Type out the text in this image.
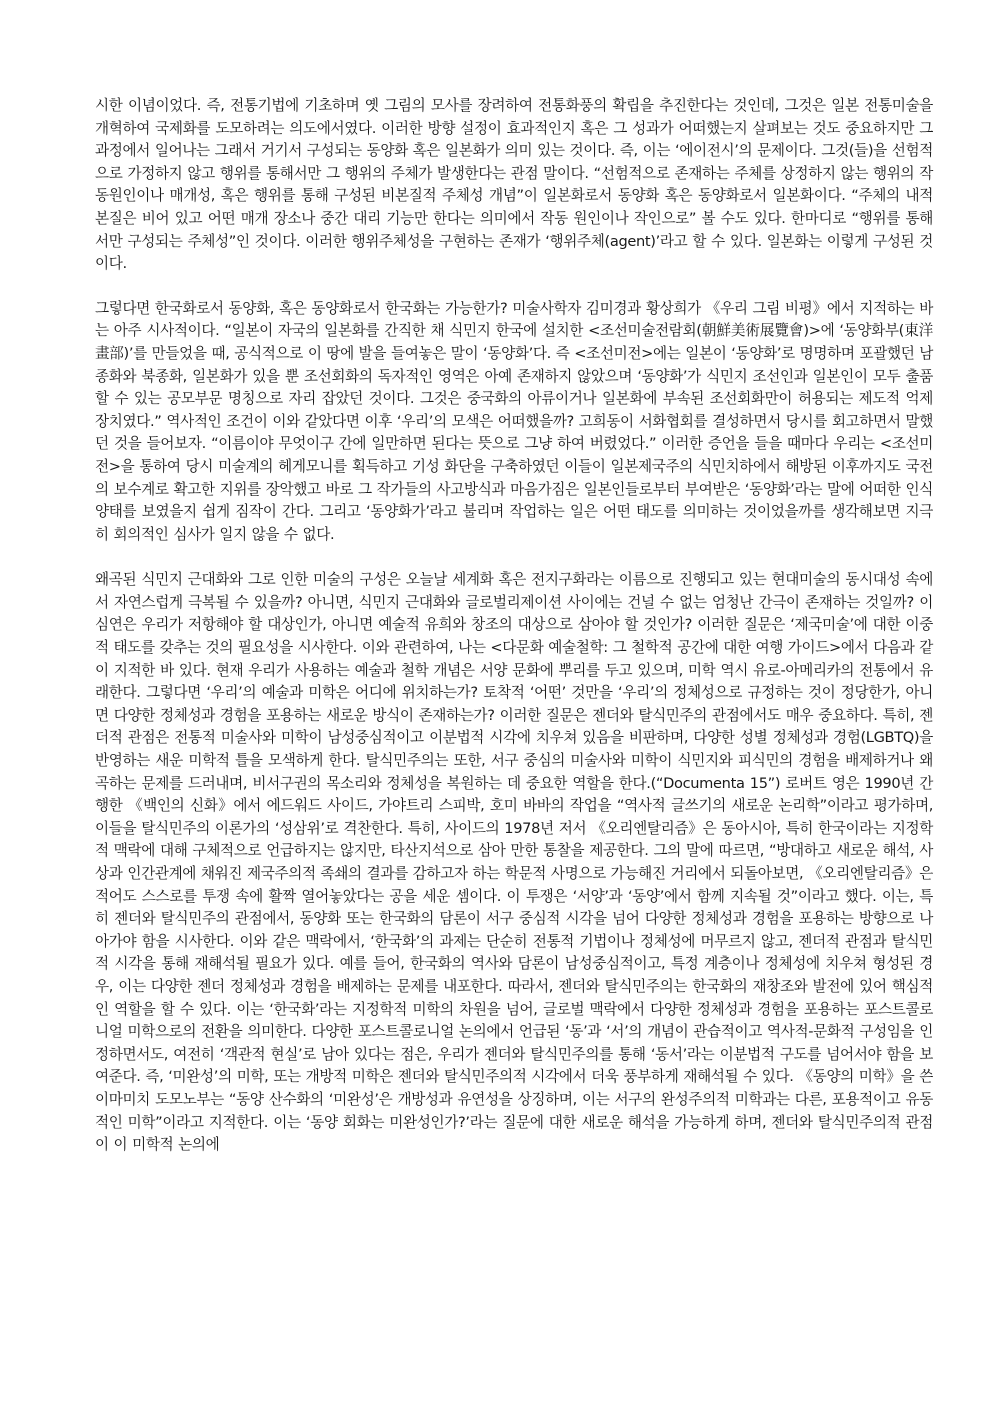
시한 이념이었다. 즉, 전통기법에 기초하며 옛 그림의 모사를 장려하여 전통화풍의 확립을 추진한다는 것인데, 그것은 일본 전통미술을 개혁하여 국제화를 도모하려는 의도에서였다. 이러한 방향 설정이 효과적인지 혹은 그 성과가 어떠했는지 살펴보는 것도 중요하지만 그 과정에서 일어나는 그래서 거기서 구성되는 동양화 혹은 일본화가 의미 있는 것이다. 즉, 이는 ‘에이전시’의 문제이다. 그것(들)을 선험적으로 가정하지 않고 행위를 통해서만 그 행위의 주체가 발생한다는 관점 말이다. “선험적으로 존재하는 주체를 상정하지 않는 행위의 작동원인이나 매개성, 혹은 행위를 통해 구성된 비본질적 주체성 개념”이 일본화로서 동양화 혹은 동양화로서 일본화이다. “주체의 내적 본질은 비어 있고 어떤 매개 장소나 중간 대리 기능만 한다는 의미에서 작동 원인이나 작인으로” 볼 수도 있다. 한마디로 “행위를 통해서만 구성되는 주체성”인 것이다. 이러한 행위주체성을 구현하는 존재가 ‘행위주체(agent)’라고 할 수 있다. 일본화는 이렇게 구성된 것이다.

그렇다면 한국화로서 동양화, 혹은 동양화로서 한국화는 가능한가? 미술사학자 김미경과 황상희가 《우리 그림 비평》에서 지적하는 바는 아주 시사적이다. “일본이 자국의 일본화를 간직한 채 식민지 한국에 설치한 <조선미술전람회(朝鮮美術展覽會)>에 ‘동양화부(東洋畫部)’를 만들었을 때, 공식적으로 이 땅에 발을 들여놓은 말이 ‘동양화’다. 즉 <조선미전>에는 일본이 ‘동양화’로 명명하며 포괄했던 남종화와 북종화, 일본화가 있을 뿐 조선회화의 독자적인 영역은 아예 존재하지 않았으며 ‘동양화’가 식민지 조선인과 일본인이 모두 출품할 수 있는 공모부문 명칭으로 자리 잡았던 것이다. 그것은 중국화의 아류이거나 일본화에 부속된 조선회화만이 허용되는 제도적 억제 장치였다.” 역사적인 조건이 이와 같았다면 이후 ‘우리’의 모색은 어떠했을까? 고희동이 서화협회를 결성하면서 당시를 회고하면서 말했던 것을 들어보자. “이름이야 무엇이구 간에 일만하면 된다는 뜻으로 그냥 하여 버렸었다.” 이러한 증언을 들을 때마다 우리는 <조선미전>을 통하여 당시 미술계의 헤게모니를 획득하고 기성 화단을 구축하였던 이들이 일본제국주의 식민치하에서 해방된 이후까지도 국전의 보수계로 확고한 지위를 장악했고 바로 그 작가들의 사고방식과 마음가짐은 일본인들로부터 부여받은 ‘동양화’라는 말에 어떠한 인식 양태를 보였을지 쉽게 짐작이 간다. 그리고 ‘동양화가’라고 불리며 작업하는 일은 어떤 태도를 의미하는 것이었을까를 생각해보면 지극히 회의적인 심사가 일지 않을 수 없다.

왜곡된 식민지 근대화와 그로 인한 미술의 구성은 오늘날 세계화 혹은 전지구화라는 이름으로 진행되고 있는 현대미술의 동시대성 속에서 자연스럽게 극복될 수 있을까? 아니면, 식민지 근대화와 글로벌리제이션 사이에는 건널 수 없는 엄청난 간극이 존재하는 것일까? 이 심연은 우리가 저항해야 할 대상인가, 아니면 예술적 유희와 창조의 대상으로 삼아야 할 것인가? 이러한 질문은 ‘제국미술’에 대한 이중적 태도를 갖추는 것의 필요성을 시사한다. 이와 관련하여, 나는 <다문화 예술철학: 그 철학적 공간에 대한 여행 가이드>에서 다음과 같이 지적한 바 있다. 현재 우리가 사용하는 예술과 철학 개념은 서양 문화에 뿌리를 두고 있으며, 미학 역시 유로-아메리카의 전통에서 유래한다. 그렇다면 ‘우리’의 예술과 미학은 어디에 위치하는가? 토착적 ‘어떤’ 것만을 ‘우리’의 정체성으로 규정하는 것이 정당한가, 아니면 다양한 정체성과 경험을 포용하는 새로운 방식이 존재하는가? 이러한 질문은 젠더와 탈식민주의 관점에서도 매우 중요하다. 특히, 젠더적 관점은 전통적 미술사와 미학이 남성중심적이고 이분법적 시각에 치우쳐 있음을 비판하며, 다양한 성별 정체성과 경험(LGBTQ)을 반영하는 새운 미학적 틀을 모색하게 한다. 탈식민주의는 또한, 서구 중심의 미술사와 미학이 식민지와 피식민의 경험을 배제하거나 왜곡하는 문제를 드러내며, 비서구권의 목소리와 정체성을 복원하는 데 중요한 역할을 한다.(“Documenta 15”) 로버트 영은 1990년 간행한 《백인의 신화》에서 에드워드 사이드, 가야트리 스피박, 호미 바바의 작업을 “역사적 글쓰기의 새로운 논리학”이라고 평가하며, 이들을 탈식민주의 이론가의 ‘성삼위’로 격찬한다. 특히, 사이드의 1978년 저서 《오리엔탈리즘》은 동아시아, 특히 한국이라는 지정학적 맥락에 대해 구체적으로 언급하지는 않지만, 타산지석으로 삼아 만한 통찰을 제공한다. 그의 말에 따르면, “방대하고 새로운 해석, 사상과 인간관계에 채워진 제국주의적 족쇄의 결과를 감하고자 하는 학문적 사명으로 가능해진 거리에서 되돌아보면, 《오리엔탈리즘》은 적어도 스스로를 투쟁 속에 활짝 열어놓았다는 공을 세운 셈이다. 이 투쟁은 ‘서양’과 ‘동양’에서 함께 지속될 것”이라고 했다. 이는, 특히 젠더와 탈식민주의 관점에서, 동양화 또는 한국화의 담론이 서구 중심적 시각을 넘어 다양한 정체성과 경험을 포용하는 방향으로 나아가야 함을 시사한다. 이와 같은 맥락에서, ‘한국화’의 과제는 단순히 전통적 기법이나 정체성에 머무르지 않고, 젠더적 관점과 탈식민적 시각을 통해 재해석될 필요가 있다. 예를 들어, 한국화의 역사와 담론이 남성중심적이고, 특정 계층이나 정체성에 치우쳐 형성된 경우, 이는 다양한 젠더 정체성과 경험을 배제하는 문제를 내포한다. 따라서, 젠더와 탈식민주의는 한국화의 재창조와 발전에 있어 핵심적인 역할을 할 수 있다. 이는 ‘한국화’라는 지정학적 미학의 차원을 넘어, 글로벌 맥락에서 다양한 정체성과 경험을 포용하는 포스트콜로니얼 미학으로의 전환을 의미한다. 다양한 포스트콜로니얼 논의에서 언급된 ‘동’과 ‘서’의 개념이 관습적이고 역사적-문화적 구성임을 인정하면서도, 여전히 ‘객관적 현실’로 남아 있다는 점은, 우리가 젠더와 탈식민주의를 통해 ‘동서’라는 이분법적 구도를 넘어서야 함을 보여준다. 즉, ‘미완성’의 미학, 또는 개방적 미학은 젠더와 탈식민주의적 시각에서 더욱 풍부하게 재해석될 수 있다. 《동양의 미학》을 쓴 이마미치 도모노부는 “동양 산수화의 ‘미완성’은 개방성과 유연성을 상징하며, 이는 서구의 완성주의적 미학과는 다른, 포용적이고 유동적인 미학”이라고 지적한다. 이는 ‘동양 회화는 미완성인가?’라는 질문에 대한 새로운 해석을 가능하게 하며, 젠더와 탈식민주의적 관점이 이 미학적 논의에
